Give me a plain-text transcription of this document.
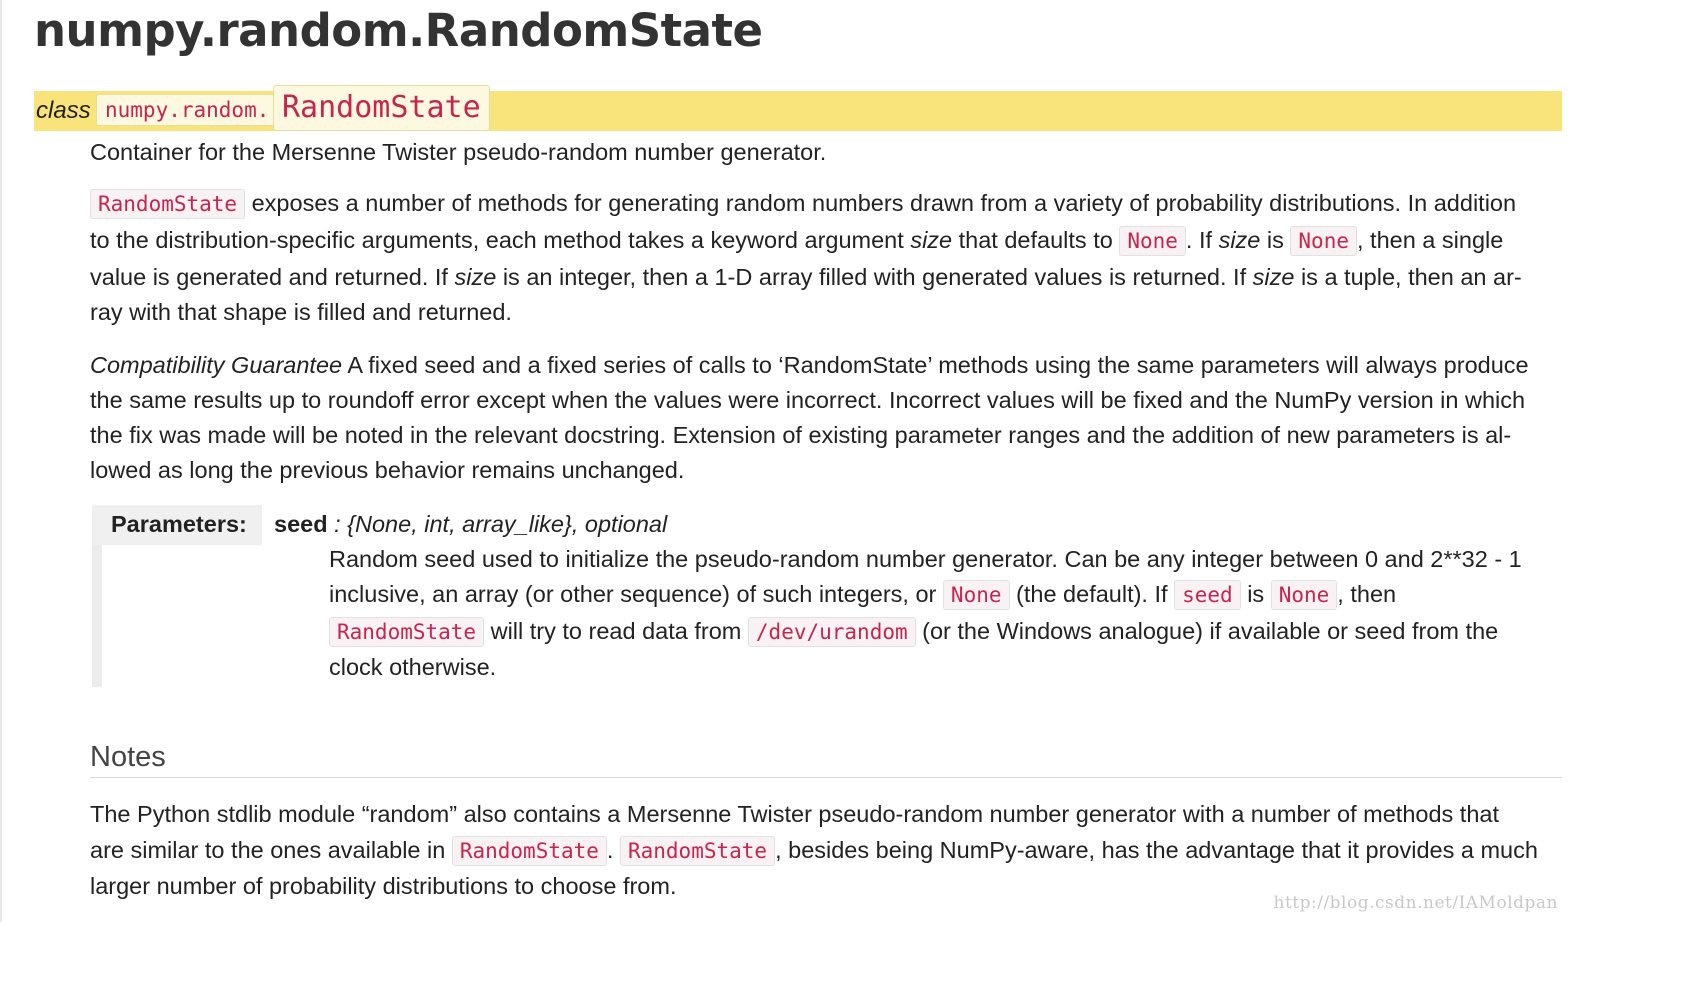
numpy.random.RandomState
class numpy.random. RandomState

Container for the Mersenne Twister pseudo-random number generator.

RandomState exposes a number of methods for generating random numbers drawn from a variety of probability distributions. In addition

to the distribution-specific arguments, each method takes a keyword argument size that defaults to None . If size is None , then a single

value is generated and returned. If size is an integer, then a 1-D array filled with generated values is returned. If size is a tuple, then an ar-

ray with that shape is filled and returned.

Compatibility Guarantee A fixed seed and a fixed series of calls to ‘RandomState’ methods using the same parameters will always produce

the same results up to roundoff error except when the values were incorrect. Incorrect values will be fixed and the NumPy version in which

the fix was made will be noted in the relevant docstring. Extension of existing parameter ranges and the addition of new parameters is al-

lowed as long the previous behavior remains unchanged.

Parameters: seed : {None, int, array_like}, optional

Random seed used to initialize the pseudo-random number generator. Can be any integer between 0 and 2**32 - 1

inclusive, an array (or other sequence) of such integers, or None (the default). If seed is None , then

RandomState will try to read data from /dev/urandom (or the Windows analogue) if available or seed from the

clock otherwise.

Notes

The Python stdlib module “random” also contains a Mersenne Twister pseudo-random number generator with a number of methods that

are similar to the ones available in RandomState . RandomState , besides being NumPy-aware, has the advantage that it provides a much

larger number of probability distributions to choose from.

http://blog.csdn.net/IAMoldpan
